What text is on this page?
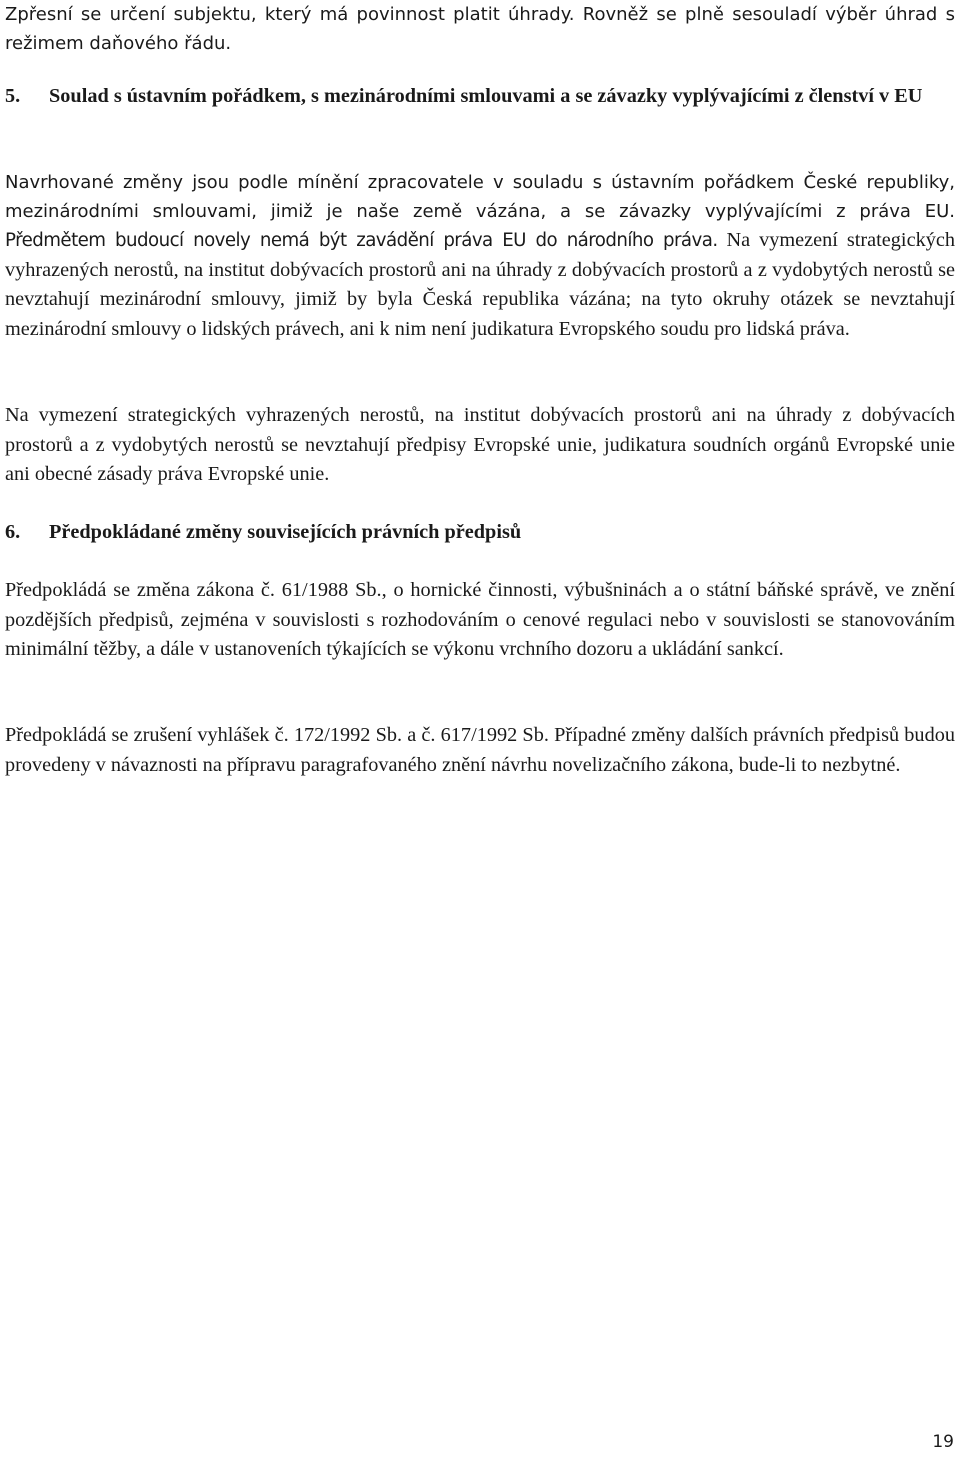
Zpřesní se určení subjektu, který má povinnost platit úhrady. Rovněž se plně sesouladí výběr úhrad s režimem daňového řádu.

5.	Soulad s ústavním pořádkem, s mezinárodními smlouvami a se závazky vyplývajícími z členství v EU

Navrhované změny jsou podle mínění zpracovatele v souladu s ústavním pořádkem České republiky, mezinárodními smlouvami, jimiž je naše země vázána, a se závazky vyplývajícími z práva EU. Předmětem budoucí novely nemá být zavádění práva EU do národního práva. Na vymezení strategických vyhrazených nerostů, na institut dobývacích prostorů ani na úhrady z dobývacích prostorů a z vydobytých nerostů se nevztahují mezinárodní smlouvy, jimiž by byla Česká republika vázána; na tyto okruhy otázek se nevztahují mezinárodní smlouvy o lidských právech, ani k nim není judikatura Evropského soudu pro lidská práva.

Na vymezení strategických vyhrazených nerostů, na institut dobývacích prostorů ani na úhrady z dobývacích prostorů a z vydobytých nerostů se nevztahují předpisy Evropské unie, judikatura soudních orgánů Evropské unie ani obecné zásady práva Evropské unie.

6.	Předpokládané změny souvisejících právních předpisů

Předpokládá se změna zákona č. 61/1988 Sb., o hornické činnosti, výbušninách a o státní báňské správě, ve znění pozdějších předpisů, zejména v souvislosti s rozhodováním o cenové regulaci nebo v souvislosti se stanovováním minimální těžby, a dále v ustanoveních týkajících se výkonu vrchního dozoru a ukládání sankcí.

Předpokládá se zrušení vyhlášek č. 172/1992 Sb. a č. 617/1992 Sb. Případné změny dalších právních předpisů budou provedeny v návaznosti na přípravu paragrafovaného znění návrhu novelizačního zákona, bude-li to nezbytné.

19
